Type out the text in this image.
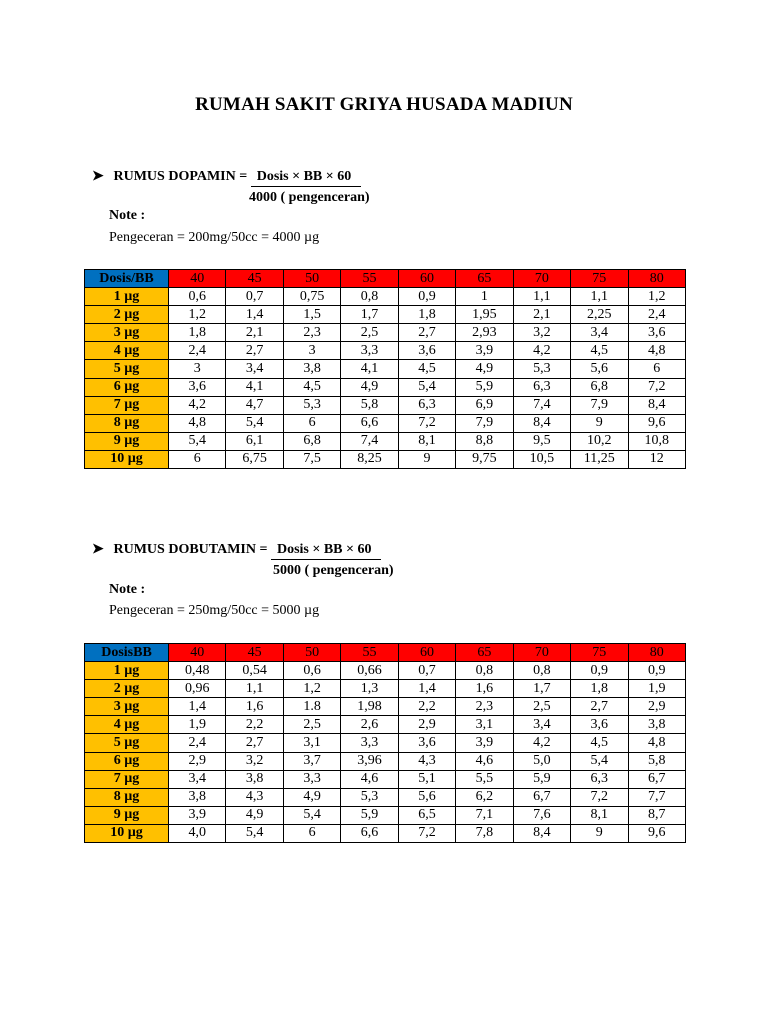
RUMAH SAKIT GRIYA HUSADA MADIUN
➤ RUMUS DOPAMIN = Dosis × BB × 60
4000 ( pengenceran)
Note :
Pengeceran = 200mg/50cc = 4000 µg
Dosis/BB	40	45	50	55	60	65	70	75	80
1 µg	0,6	0,7	0,75	0,8	0,9	1	1,1	1,1	1,2
2 µg	1,2	1,4	1,5	1,7	1,8	1,95	2,1	2,25	2,4
3 µg	1,8	2,1	2,3	2,5	2,7	2,93	3,2	3,4	3,6
4 µg	2,4	2,7	3	3,3	3,6	3,9	4,2	4,5	4,8
5 µg	3	3,4	3,8	4,1	4,5	4,9	5,3	5,6	6
6 µg	3,6	4,1	4,5	4,9	5,4	5,9	6,3	6,8	7,2
7 µg	4,2	4,7	5,3	5,8	6,3	6,9	7,4	7,9	8,4
8 µg	4,8	5,4	6	6,6	7,2	7,9	8,4	9	9,6
9 µg	5,4	6,1	6,8	7,4	8,1	8,8	9,5	10,2	10,8
10 µg	6	6,75	7,5	8,25	9	9,75	10,5	11,25	12
➤ RUMUS DOBUTAMIN = Dosis × BB × 60
5000 ( pengenceran)
Note :
Pengeceran = 250mg/50cc = 5000 µg
DosisBB	40	45	50	55	60	65	70	75	80
1 µg	0,48	0,54	0,6	0,66	0,7	0,8	0,8	0,9	0,9
2 µg	0,96	1,1	1,2	1,3	1,4	1,6	1,7	1,8	1,9
3 µg	1,4	1,6	1.8	1,98	2,2	2,3	2,5	2,7	2,9
4 µg	1,9	2,2	2,5	2,6	2,9	3,1	3,4	3,6	3,8
5 µg	2,4	2,7	3,1	3,3	3,6	3,9	4,2	4,5	4,8
6 µg	2,9	3,2	3,7	3,96	4,3	4,6	5,0	5,4	5,8
7 µg	3,4	3,8	3,3	4,6	5,1	5,5	5,9	6,3	6,7
8 µg	3,8	4,3	4,9	5,3	5,6	6,2	6,7	7,2	7,7
9 µg	3,9	4,9	5,4	5,9	6,5	7,1	7,6	8,1	8,7
10 µg	4,0	5,4	6	6,6	7,2	7,8	8,4	9	9,6
